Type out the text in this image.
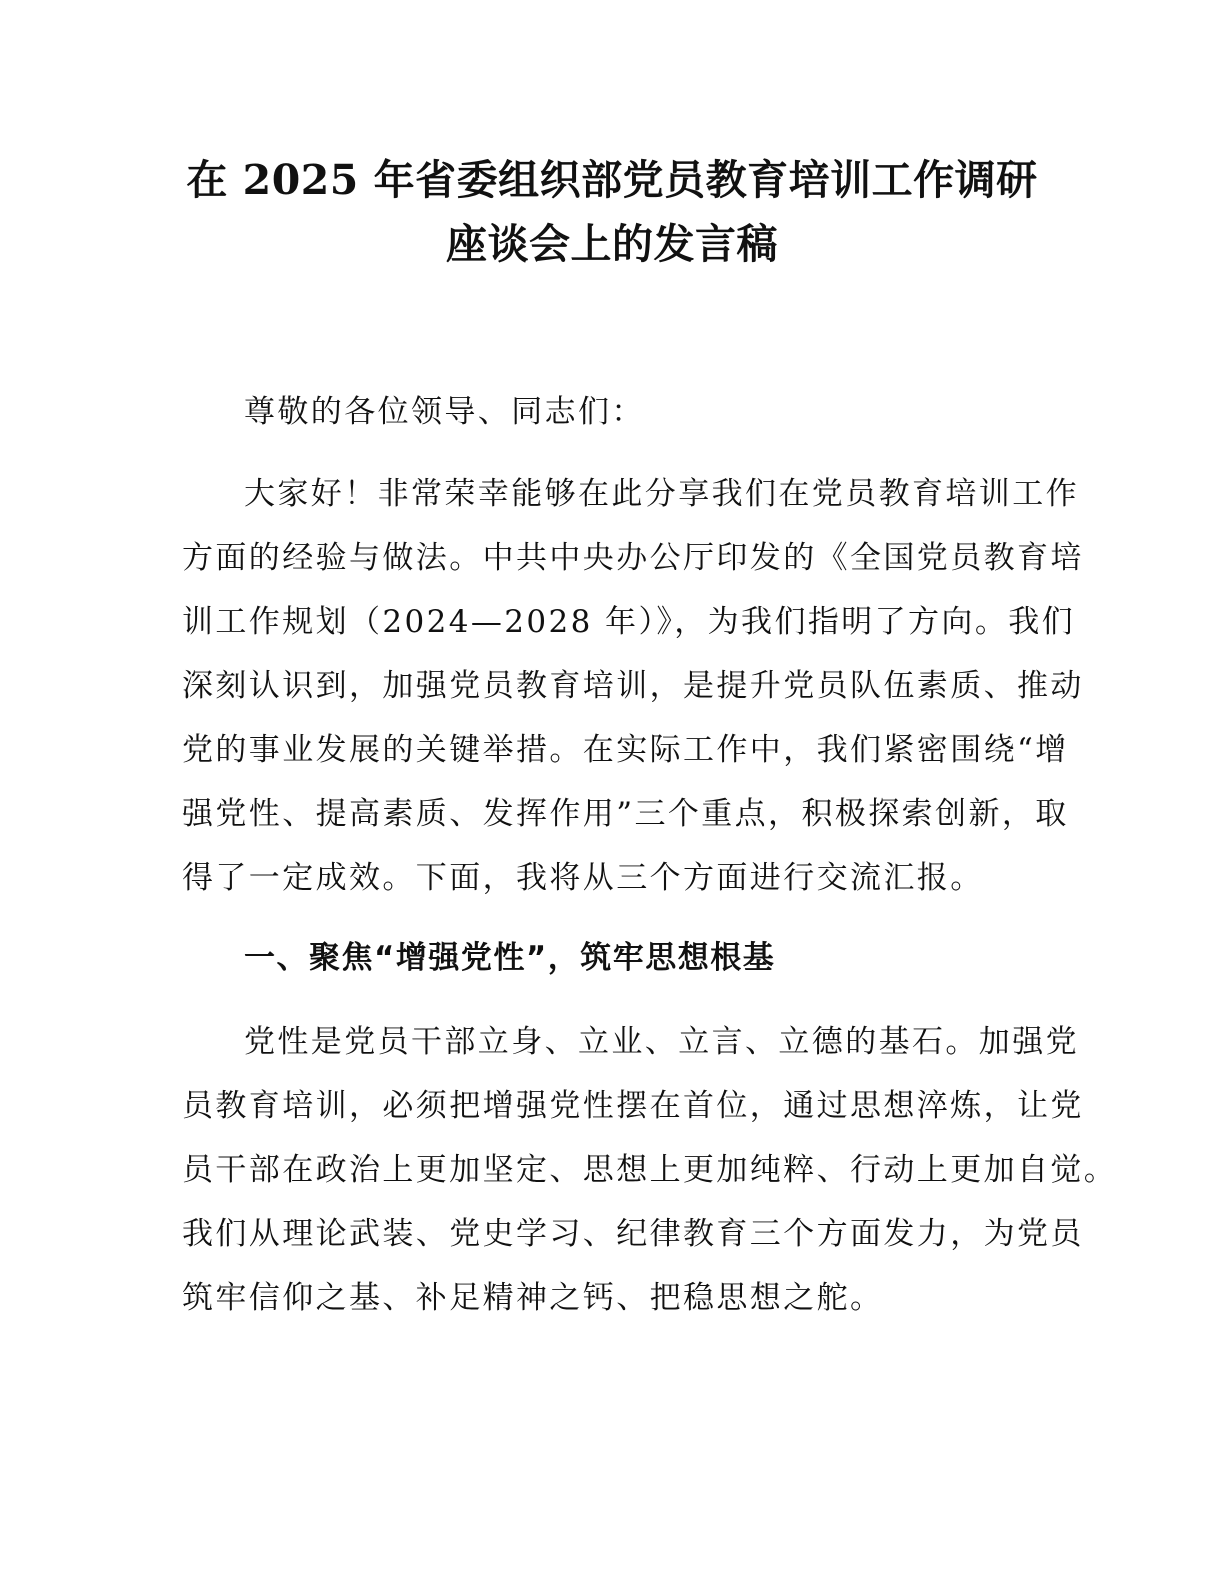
在 2025 年省委组织部党员教育培训工作调研
座谈会上的发言稿

尊敬的各位领导、同志们：

大家好！非常荣幸能够在此分享我们在党员教育培训工作

方面的经验与做法。中共中央办公厅印发的《全国党员教育培

训工作规划（2024—2028 年）》，为我们指明了方向。我们

深刻认识到，加强党员教育培训，是提升党员队伍素质、推动

党的事业发展的关键举措。在实际工作中，我们紧密围绕“增

强党性、提高素质、发挥作用”三个重点，积极探索创新，取

得了一定成效。下面，我将从三个方面进行交流汇报。

一、聚焦“增强党性”，筑牢思想根基

党性是党员干部立身、立业、立言、立德的基石。加强党

员教育培训，必须把增强党性摆在首位，通过思想淬炼，让党

员干部在政治上更加坚定、思想上更加纯粹、行动上更加自觉。

我们从理论武装、党史学习、纪律教育三个方面发力，为党员

筑牢信仰之基、补足精神之钙、把稳思想之舵。
